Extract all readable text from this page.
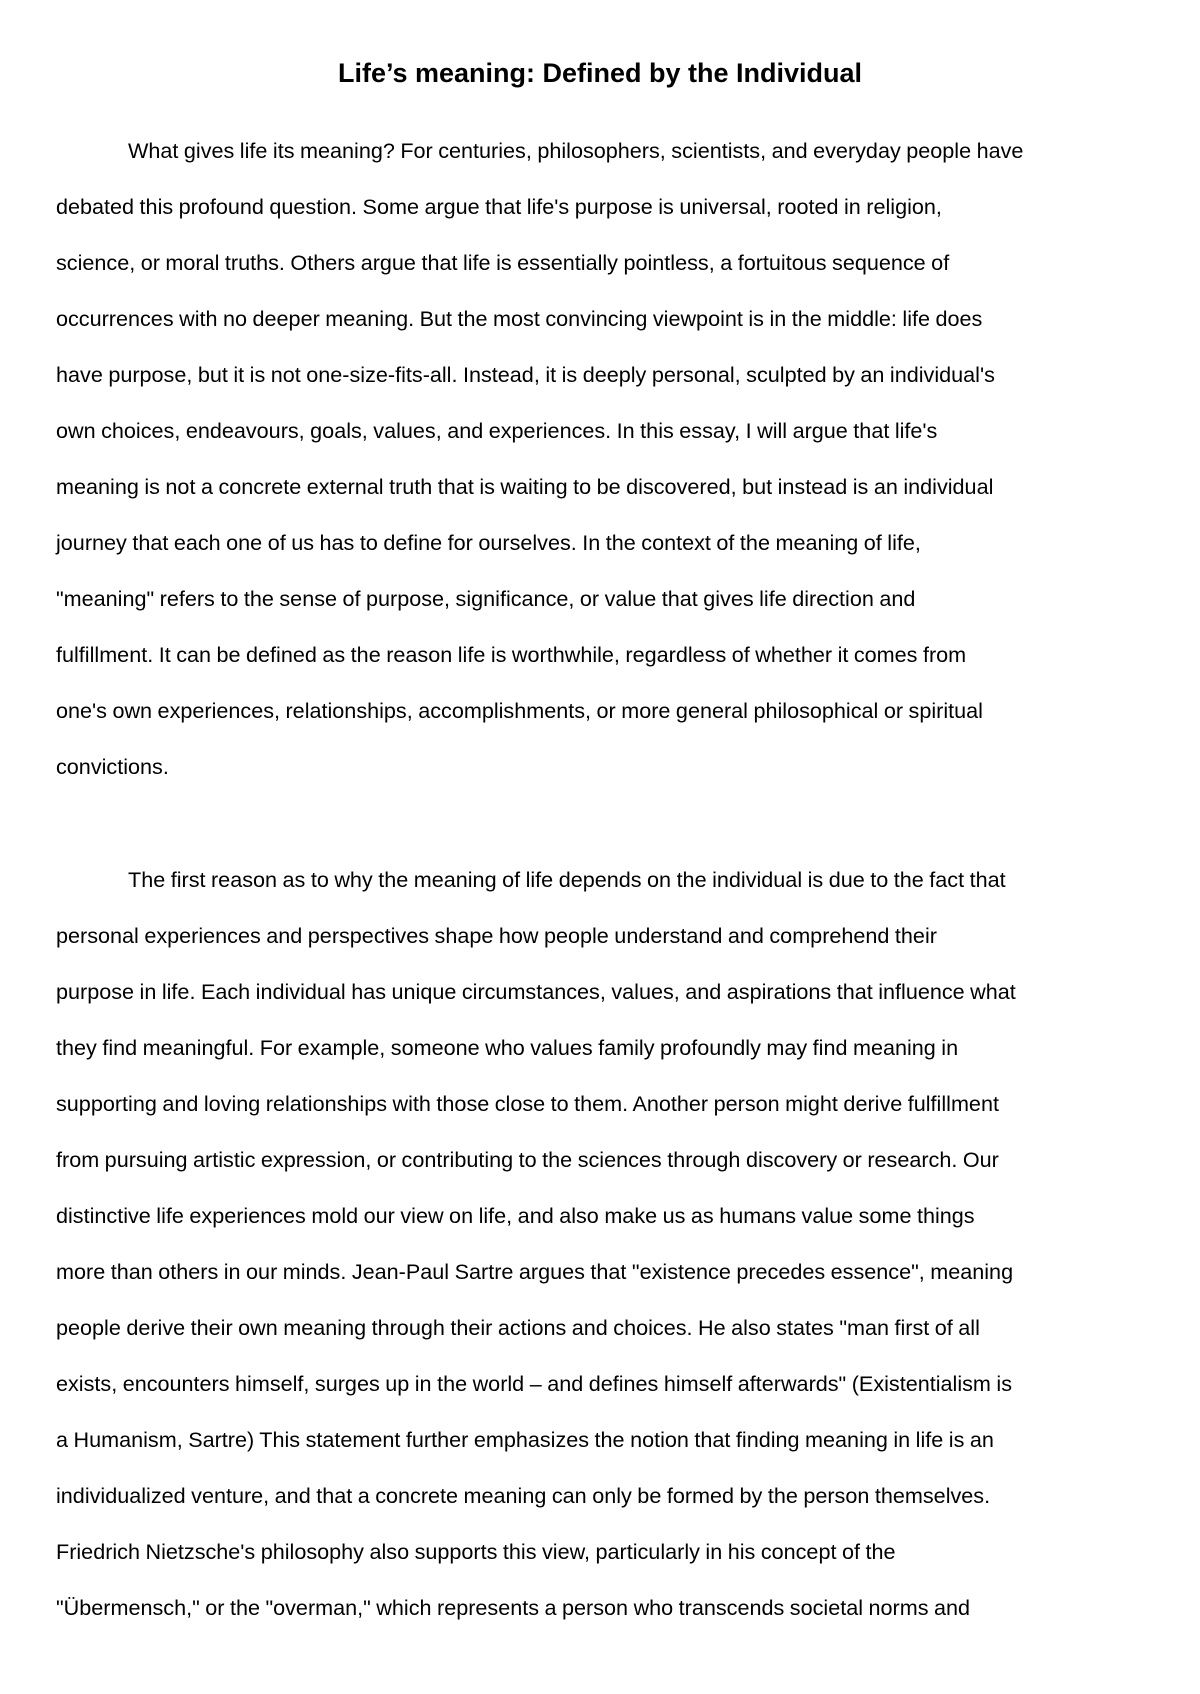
Life’s meaning: Defined by the Individual

What gives life its meaning? For centuries, philosophers, scientists, and everyday people have
debated this profound question. Some argue that life's purpose is universal, rooted in religion,
science, or moral truths. Others argue that life is essentially pointless, a fortuitous sequence of
occurrences with no deeper meaning. But the most convincing viewpoint is in the middle: life does
have purpose, but it is not one-size-fits-all. Instead, it is deeply personal, sculpted by an individual's
own choices, endeavours, goals, values, and experiences. In this essay, I will argue that life's
meaning is not a concrete external truth that is waiting to be discovered, but instead is an individual
journey that each one of us has to define for ourselves. In the context of the meaning of life,
"meaning" refers to the sense of purpose, significance, or value that gives life direction and
fulfillment. It can be defined as the reason life is worthwhile, regardless of whether it comes from
one's own experiences, relationships, accomplishments, or more general philosophical or spiritual
convictions.

The first reason as to why the meaning of life depends on the individual is due to the fact that
personal experiences and perspectives shape how people understand and comprehend their
purpose in life. Each individual has unique circumstances, values, and aspirations that influence what
they find meaningful. For example, someone who values family profoundly may find meaning in
supporting and loving relationships with those close to them. Another person might derive fulfillment
from pursuing artistic expression, or contributing to the sciences through discovery or research. Our
distinctive life experiences mold our view on life, and also make us as humans value some things
more than others in our minds. Jean-Paul Sartre argues that "existence precedes essence", meaning
people derive their own meaning through their actions and choices. He also states "man first of all
exists, encounters himself, surges up in the world – and defines himself afterwards" (Existentialism is
a Humanism, Sartre) This statement further emphasizes the notion that finding meaning in life is an
individualized venture, and that a concrete meaning can only be formed by the person themselves.
Friedrich Nietzsche's philosophy also supports this view, particularly in his concept of the
"Übermensch," or the "overman," which represents a person who transcends societal norms and
